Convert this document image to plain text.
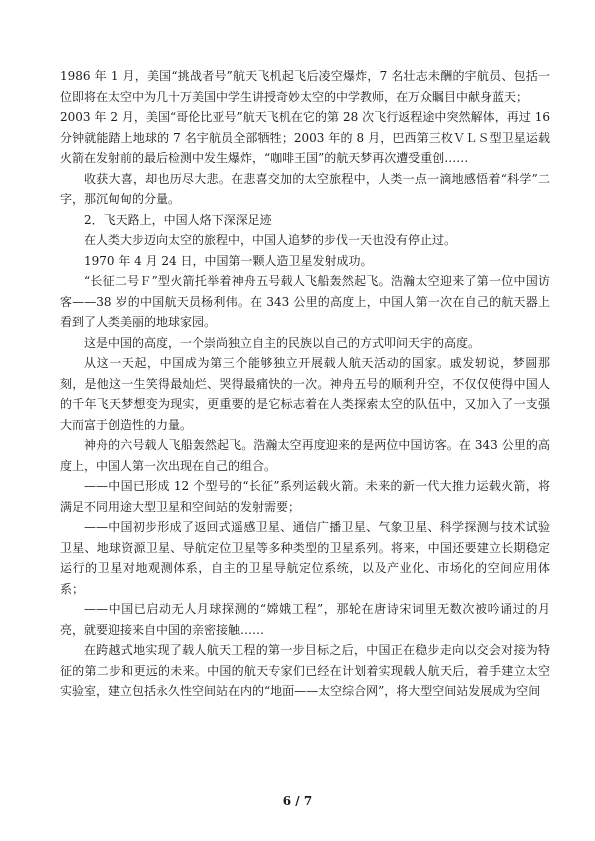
1986 年 1 月，美国“挑战者号”航天飞机起飞后凌空爆炸，7 名壮志未酬的宇航员、包括一位即将在太空中为几十万美国中学生讲授奇妙太空的中学教师，在万众瞩目中献身蓝天；

2003 年 2 月，美国“哥伦比亚号”航天飞机在它的第 28 次飞行返程途中突然解体，再过 16 分钟就能踏上地球的 7 名宇航员全部牺牲；2003 年的 8 月，巴西第三枚ＶＬＳ型卫星运载火箭在发射前的最后检测中发生爆炸，“咖啡王国”的航天梦再次遭受重创……

收获大喜，却也历尽大悲。在悲喜交加的太空旅程中，人类一点一滴地感悟着“科学”二字，那沉甸甸的分量。

2．飞天路上，中国人烙下深深足迹

在人类大步迈向太空的旅程中，中国人追梦的步伐一天也没有停止过。

1970 年 4 月 24 日，中国第一颗人造卫星发射成功。

“长征二号Ｆ”型火箭托举着神舟五号载人飞船轰然起飞。浩瀚太空迎来了第一位中国访客——38 岁的中国航天员杨利伟。在 343 公里的高度上，中国人第一次在自己的航天器上看到了人类美丽的地球家园。

这是中国的高度，一个崇尚独立自主的民族以自己的方式叩问天宇的高度。

从这一天起，中国成为第三个能够独立开展载人航天活动的国家。戚发轫说，梦圆那刻，是他这一生笑得最灿烂、哭得最痛快的一次。神舟五号的顺利升空，不仅仅使得中国人的千年飞天梦想变为现实，更重要的是它标志着在人类探索太空的队伍中，又加入了一支强大而富于创造性的力量。

神舟的六号载人飞船轰然起飞。浩瀚太空再度迎来的是两位中国访客。在 343 公里的高度上，中国人第一次出现在自己的组合。

——中国已形成 12 个型号的“长征”系列运载火箭。未来的新一代大推力运载火箭，将满足不同用途大型卫星和空间站的发射需要；

——中国初步形成了返回式遥感卫星、通信广播卫星、气象卫星、科学探测与技术试验卫星、地球资源卫星、导航定位卫星等多种类型的卫星系列。将来，中国还要建立长期稳定运行的卫星对地观测体系，自主的卫星导航定位系统，以及产业化、市场化的空间应用体系；

——中国已启动无人月球探测的“嫦娥工程”，那轮在唐诗宋词里无数次被吟诵过的月亮，就要迎接来自中国的亲密接触……

在跨越式地实现了载人航天工程的第一步目标之后，中国正在稳步走向以交会对接为特征的第二步和更远的未来。中国的航天专家们已经在计划着实现载人航天后，着手建立太空实验室，建立包括永久性空间站在内的“地面——太空综合网”，将大型空间站发展成为空间

6 / 7
